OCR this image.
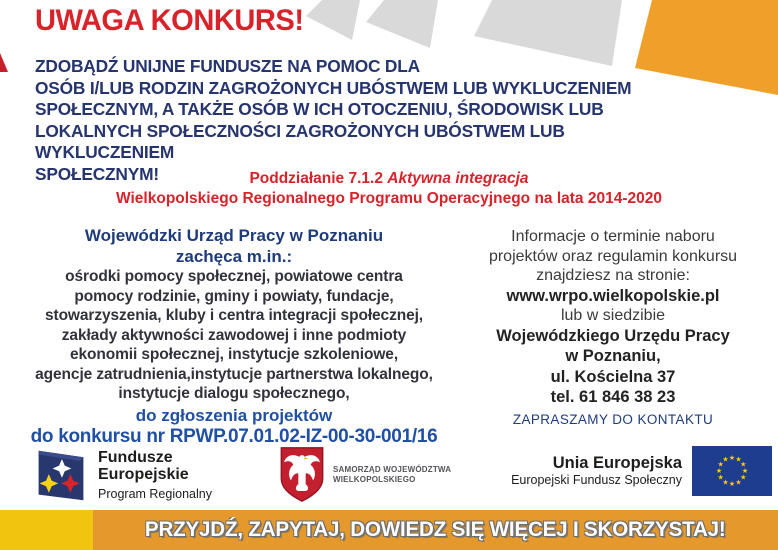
UWAGA KONKURS!
ZDOBĄDŹ UNIJNE FUNDUSZE NA POMOC DLA
OSÓB I/LUB RODZIN ZAGROŻONYCH UBÓSTWEM LUB WYKLUCZENIEM
SPOŁECZNYM, A TAKŻE OSÓB W ICH OTOCZENIU, ŚRODOWISK LUB
LOKALNYCH SPOŁECZNOŚCI ZAGROŻONYCH UBÓSTWEM LUB WYKLUCZENIEM
SPOŁECZNYM!	Poddziałanie 7.1.2 Aktywna integracja
Wielkopolskiego Regionalnego Programu Operacyjnego na lata 2014-2020
Wojewódzki Urząd Pracy w Poznaniu
zachęca m.in.:
ośrodki pomocy społecznej, powiatowe centra
pomocy rodzinie, gminy i powiaty, fundacje,
stowarzyszenia, kluby i centra integracji społecznej,
zakłady aktywności zawodowej i inne podmioty
ekonomii społecznej, instytucje szkoleniowe,
agencje zatrudnienia,instytucje partnerstwa lokalnego,
instytucje dialogu społecznego,
do zgłoszenia projektów
do konkursu nr RPWP.07.01.02-IZ-00-30-001/16
Informacje o terminie naboru
projektów oraz regulamin konkursu
znajdziesz na stronie:
www.wrpo.wielkopolskie.pl
lub w siedzibie
Wojewódzkiego Urzędu Pracy
w Poznaniu,
ul. Kościelna 37
tel. 61 846 38 23
ZAPRASZAMY DO KONTAKTU
Fundusze
Europejskie
Program Regionalny
SAMORZĄD WOJEWÓDZTWA
WIELKOPOLSKIEGO
Unia Europejska
Europejski Fundusz Społeczny
★ ★
★
★
★
★
★
★
★
★
★
★
PRZYJDŹ, ZAPYTAJ, DOWIEDZ SIĘ WIĘCEJ I SKORZYSTAJ!
